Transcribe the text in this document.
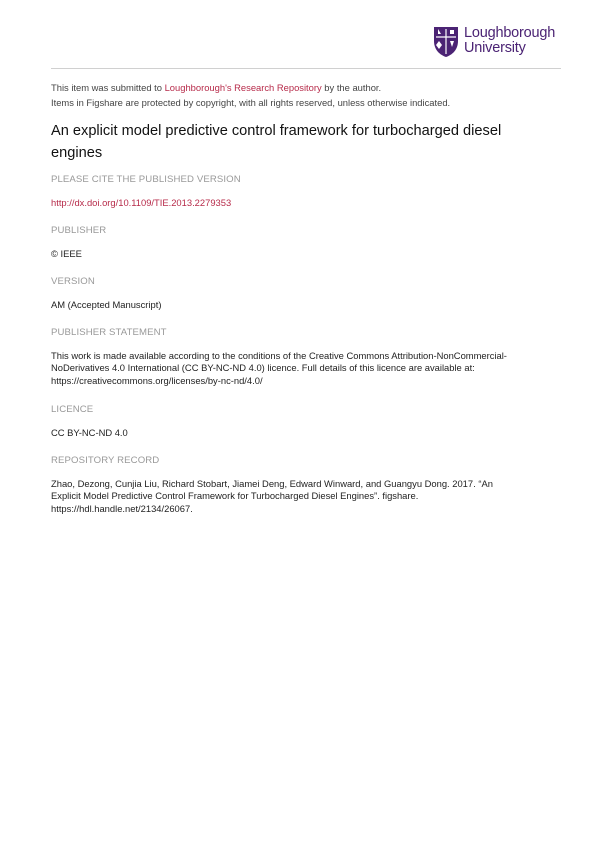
Loughborough
University
This item was submitted to Loughborough's Research Repository by the author.
Items in Figshare are protected by copyright, with all rights reserved, unless otherwise indicated.
An explicit model predictive control framework for turbocharged diesel engines
PLEASE CITE THE PUBLISHED VERSION
http://dx.doi.org/10.1109/TIE.2013.2279353
PUBLISHER
© IEEE
VERSION
AM (Accepted Manuscript)
PUBLISHER STATEMENT
This work is made available according to the conditions of the Creative Commons Attribution-NonCommercial-
NoDerivatives 4.0 International (CC BY-NC-ND 4.0) licence. Full details of this licence are available at:
https://creativecommons.org/licenses/by-nc-nd/4.0/
LICENCE
CC BY-NC-ND 4.0
REPOSITORY RECORD
Zhao, Dezong, Cunjia Liu, Richard Stobart, Jiamei Deng, Edward Winward, and Guangyu Dong. 2017. “An
Explicit Model Predictive Control Framework for Turbocharged Diesel Engines”. figshare.
https://hdl.handle.net/2134/26067.
